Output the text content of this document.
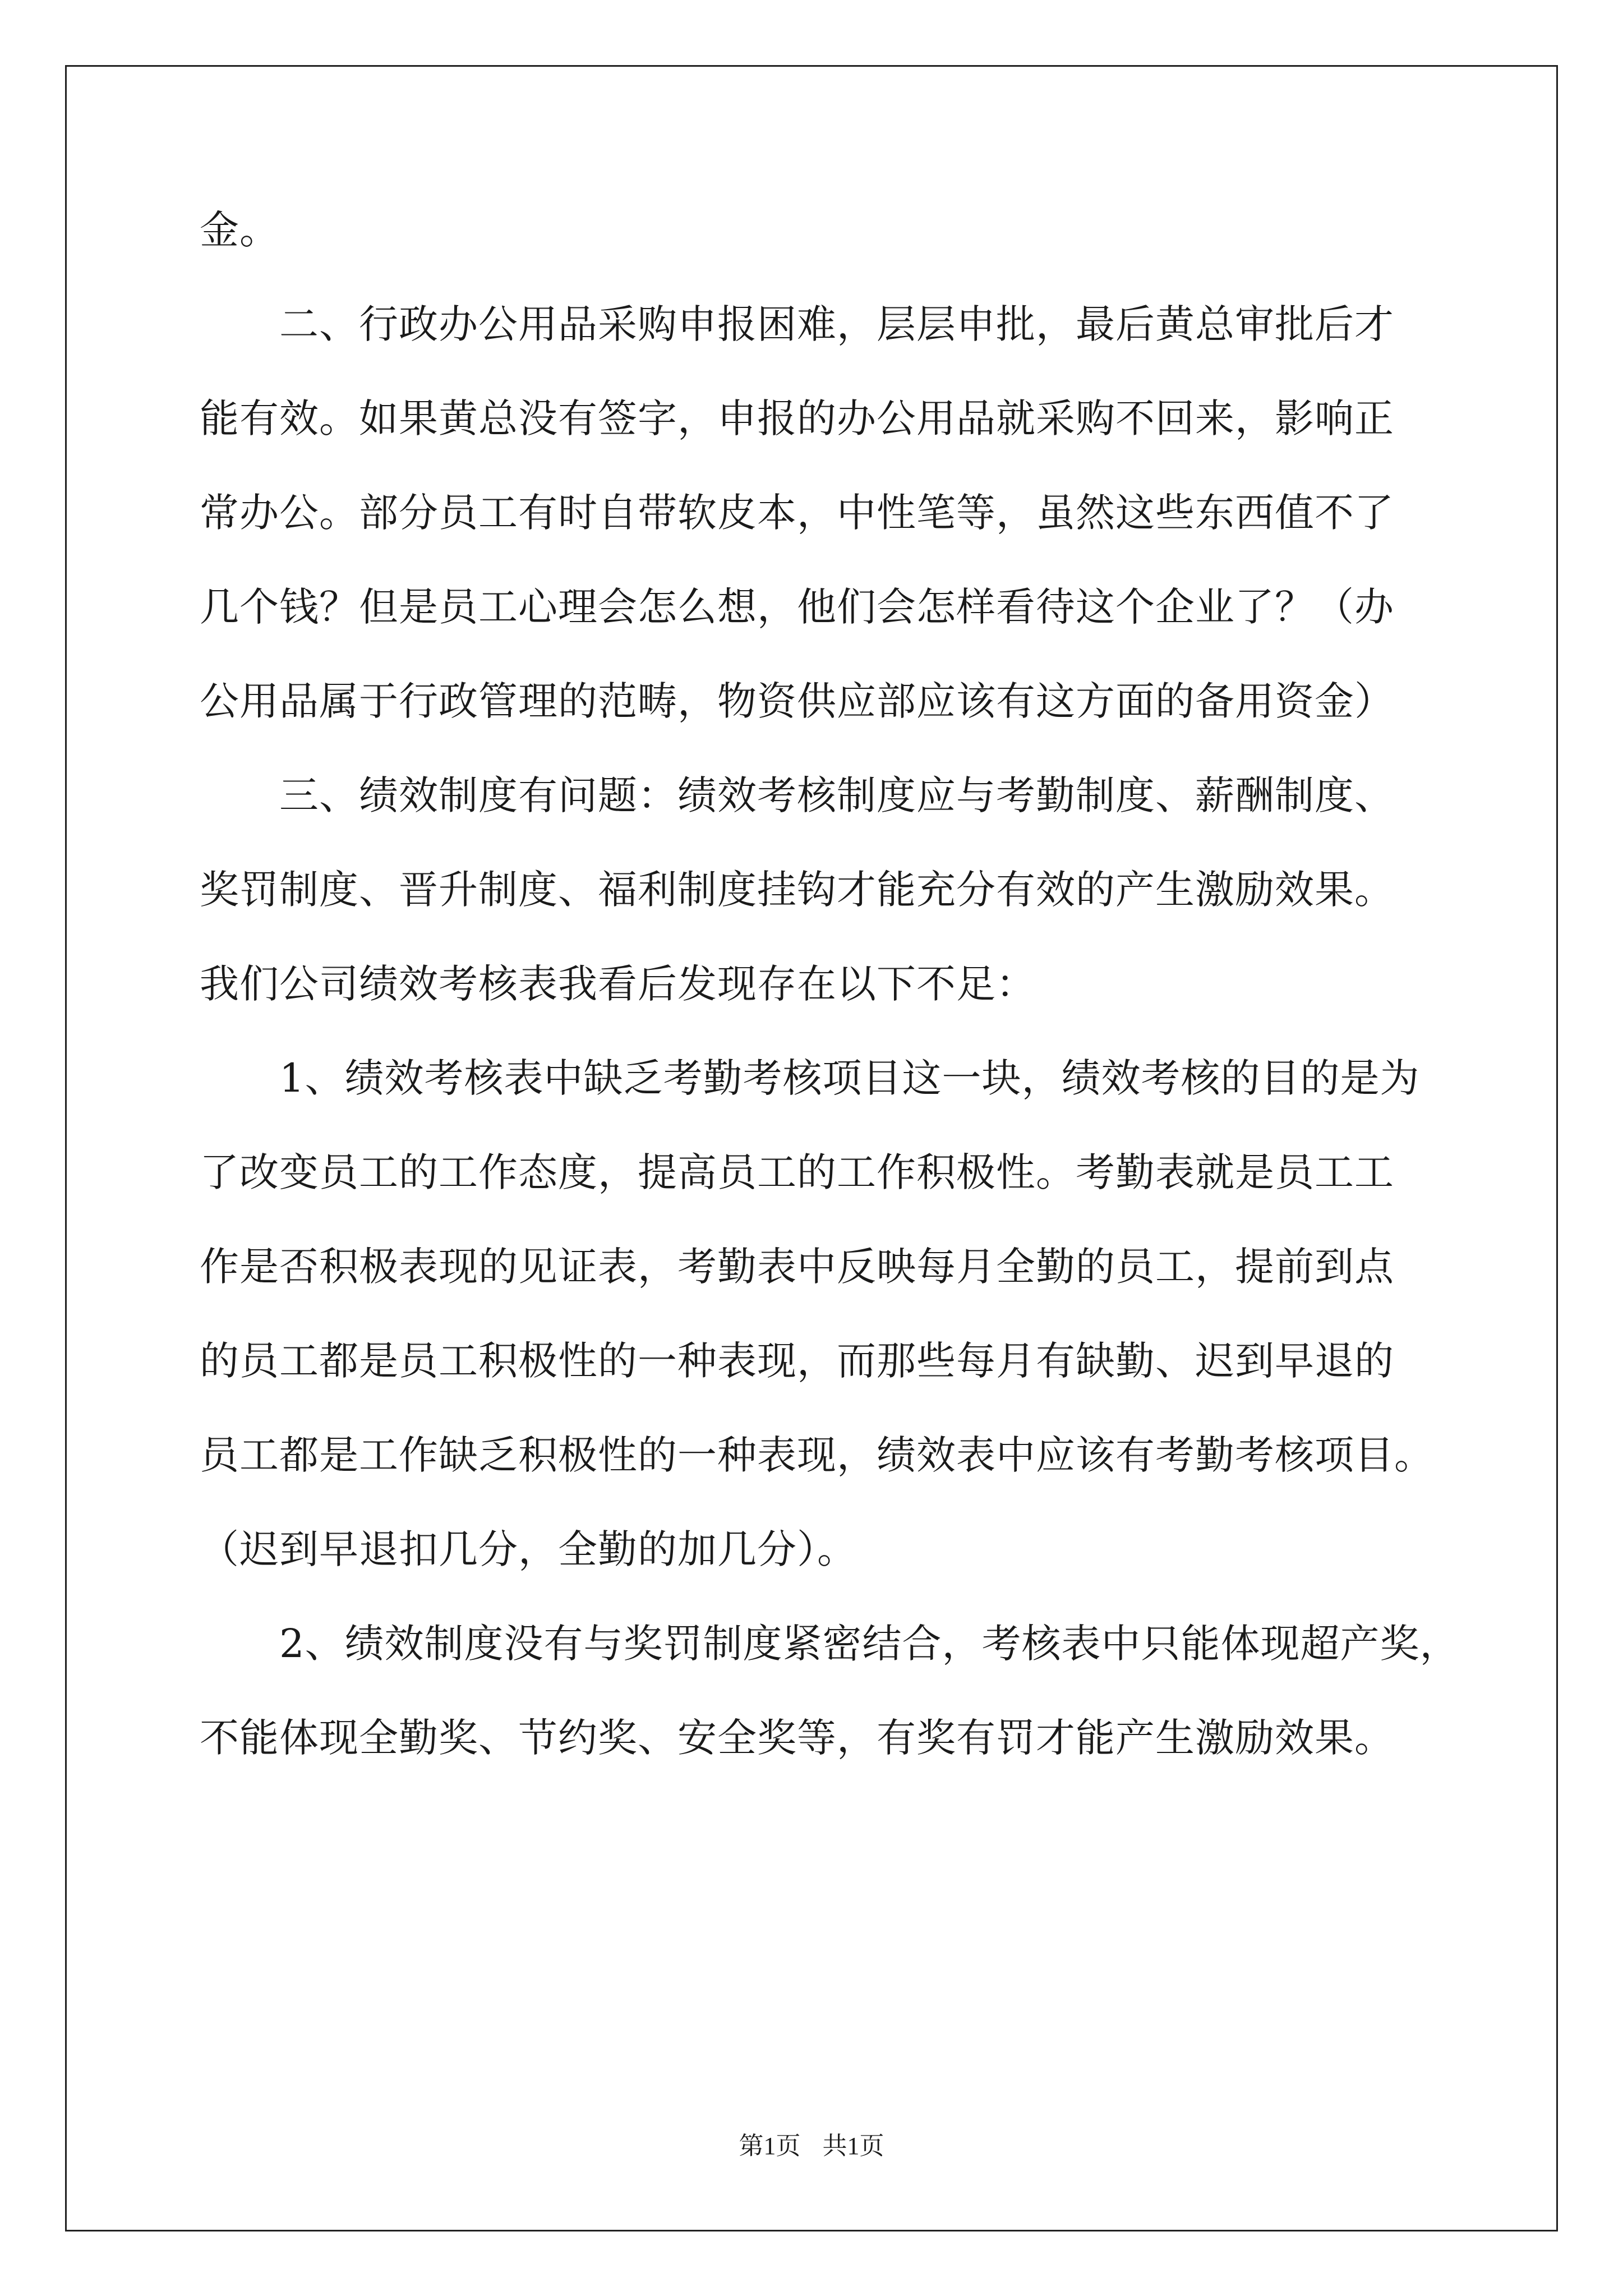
金。
二、行政办公用品采购申报困难，层层申批，最后黄总审批后才
能有效。如果黄总没有签字，申报的办公用品就采购不回来，影响正
常办公。部分员工有时自带软皮本，中性笔等，虽然这些东西值不了
几个钱？但是员工心理会怎么想，他们会怎样看待这个企业了？（办
公用品属于行政管理的范畴，物资供应部应该有这方面的备用资金）
三、绩效制度有问题：绩效考核制度应与考勤制度、薪酬制度、
奖罚制度、晋升制度、福利制度挂钩才能充分有效的产生激励效果。
我们公司绩效考核表我看后发现存在以下不足：
1、绩效考核表中缺乏考勤考核项目这一块，绩效考核的目的是为
了改变员工的工作态度，提高员工的工作积极性。考勤表就是员工工
作是否积极表现的见证表，考勤表中反映每月全勤的员工，提前到点
的员工都是员工积极性的一种表现，而那些每月有缺勤、迟到早退的
员工都是工作缺乏积极性的一种表现，绩效表中应该有考勤考核项目。
（迟到早退扣几分，全勤的加几分）。
2、绩效制度没有与奖罚制度紧密结合，考核表中只能体现超产奖，
不能体现全勤奖、节约奖、安全奖等，有奖有罚才能产生激励效果。
第1页 共1页
